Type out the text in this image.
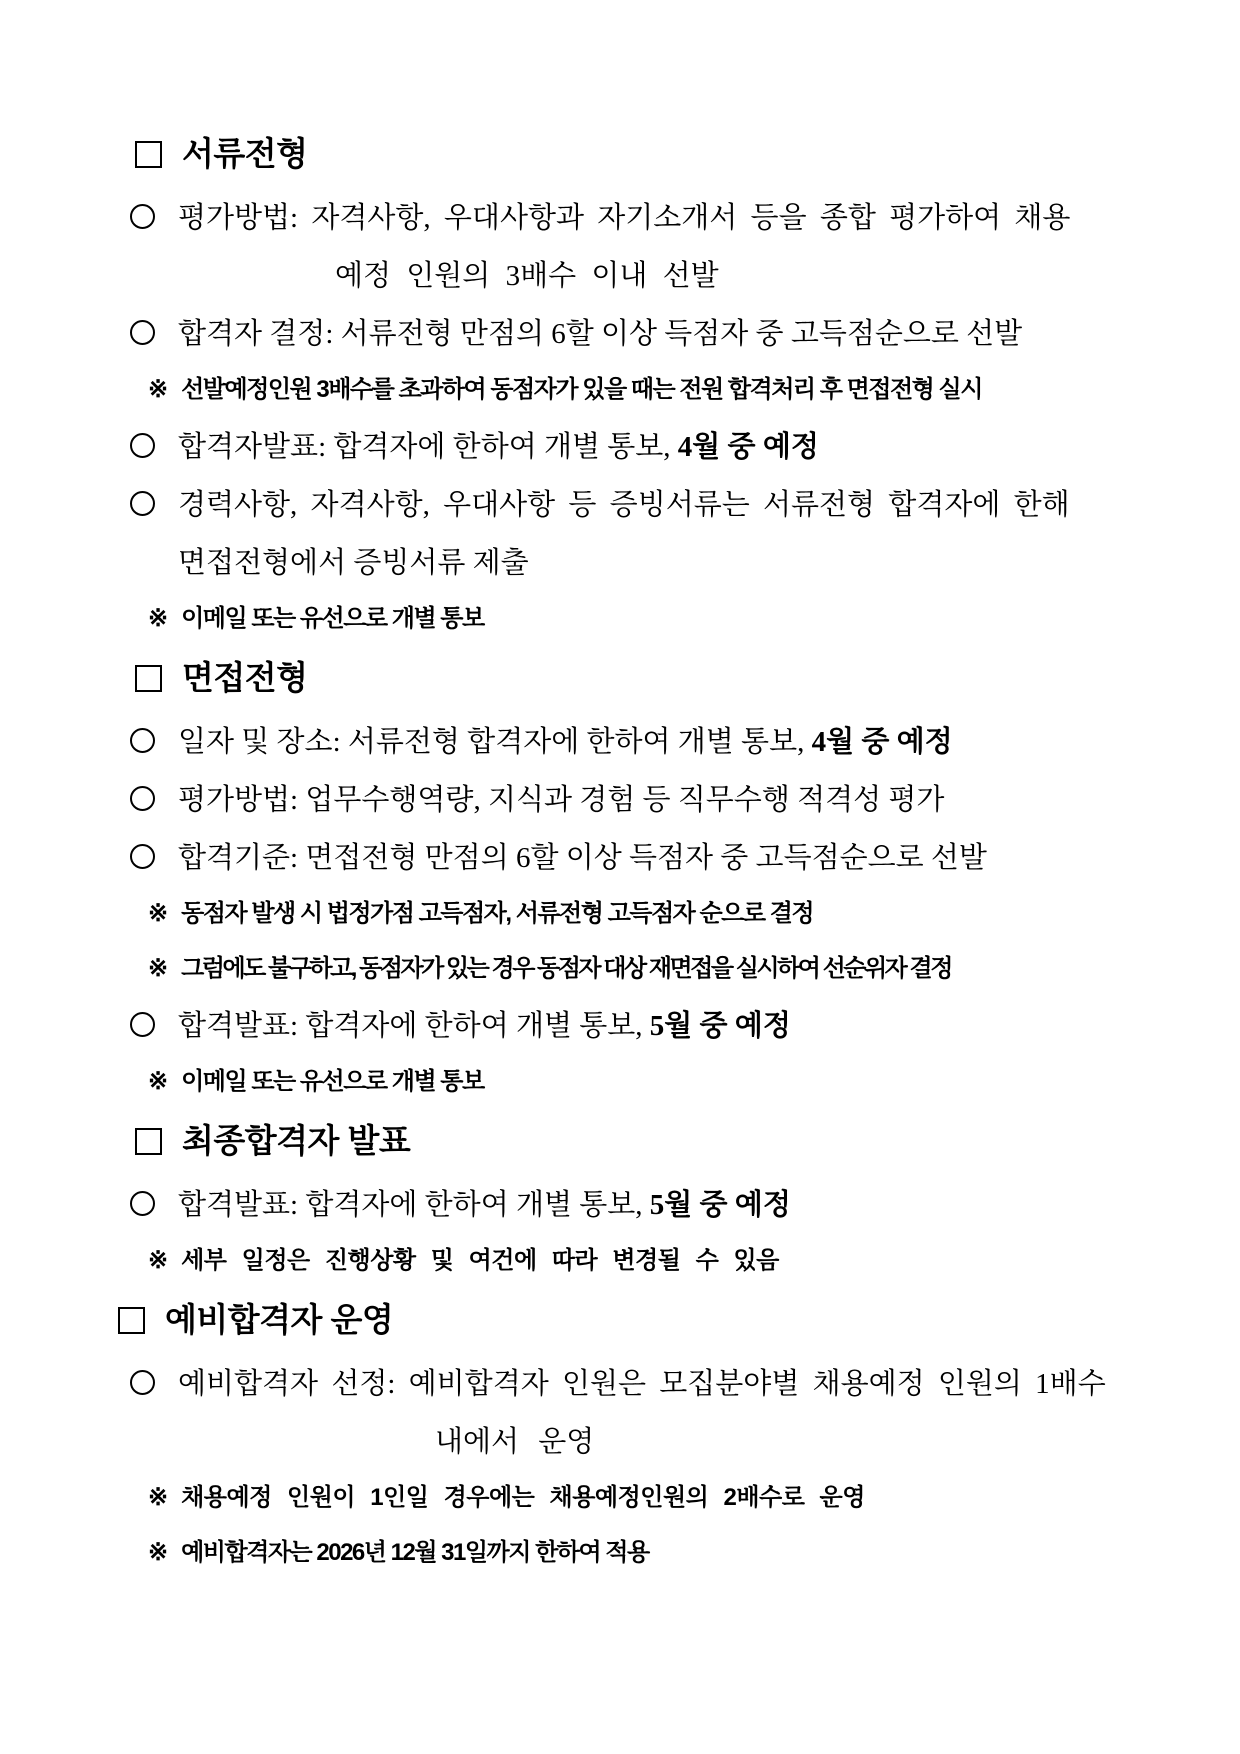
서류전형
평가방법: 자격사항, 우대사항과 자기소개서 등을 종합 평가하여 채용
예정 인원의 3배수 이내 선발
합격자 결정: 서류전형 만점의 6할 이상 득점자 중 고득점순으로 선발
※ 선발예정인원 3배수를 초과하여 동점자가 있을 때는 전원 합격처리 후 면접전형 실시
합격자발표: 합격자에 한하여 개별 통보, 4월 중 예정
경력사항, 자격사항, 우대사항 등 증빙서류는 서류전형 합격자에 한해
면접전형에서 증빙서류 제출
※ 이메일 또는 유선으로 개별 통보
면접전형
일자 및 장소: 서류전형 합격자에 한하여 개별 통보, 4월 중 예정
평가방법: 업무수행역량, 지식과 경험 등 직무수행 적격성 평가
합격기준: 면접전형 만점의 6할 이상 득점자 중 고득점순으로 선발
※ 동점자 발생 시 법정가점 고득점자, 서류전형 고득점자 순으로 결정
※ 그럼에도 불구하고, 동점자가 있는 경우 동점자 대상 재면접을 실시하여 선순위자 결정
합격발표: 합격자에 한하여 개별 통보, 5월 중 예정
※ 이메일 또는 유선으로 개별 통보
최종합격자 발표
합격발표: 합격자에 한하여 개별 통보, 5월 중 예정
※ 세부 일정은 진행상황 및 여건에 따라 변경될 수 있음
예비합격자 운영
예비합격자 선정: 예비합격자 인원은 모집분야별 채용예정 인원의 1배수
내에서 운영
※ 채용예정 인원이 1인일 경우에는 채용예정인원의 2배수로 운영
※ 예비합격자는 2026년 12월 31일까지 한하여 적용
